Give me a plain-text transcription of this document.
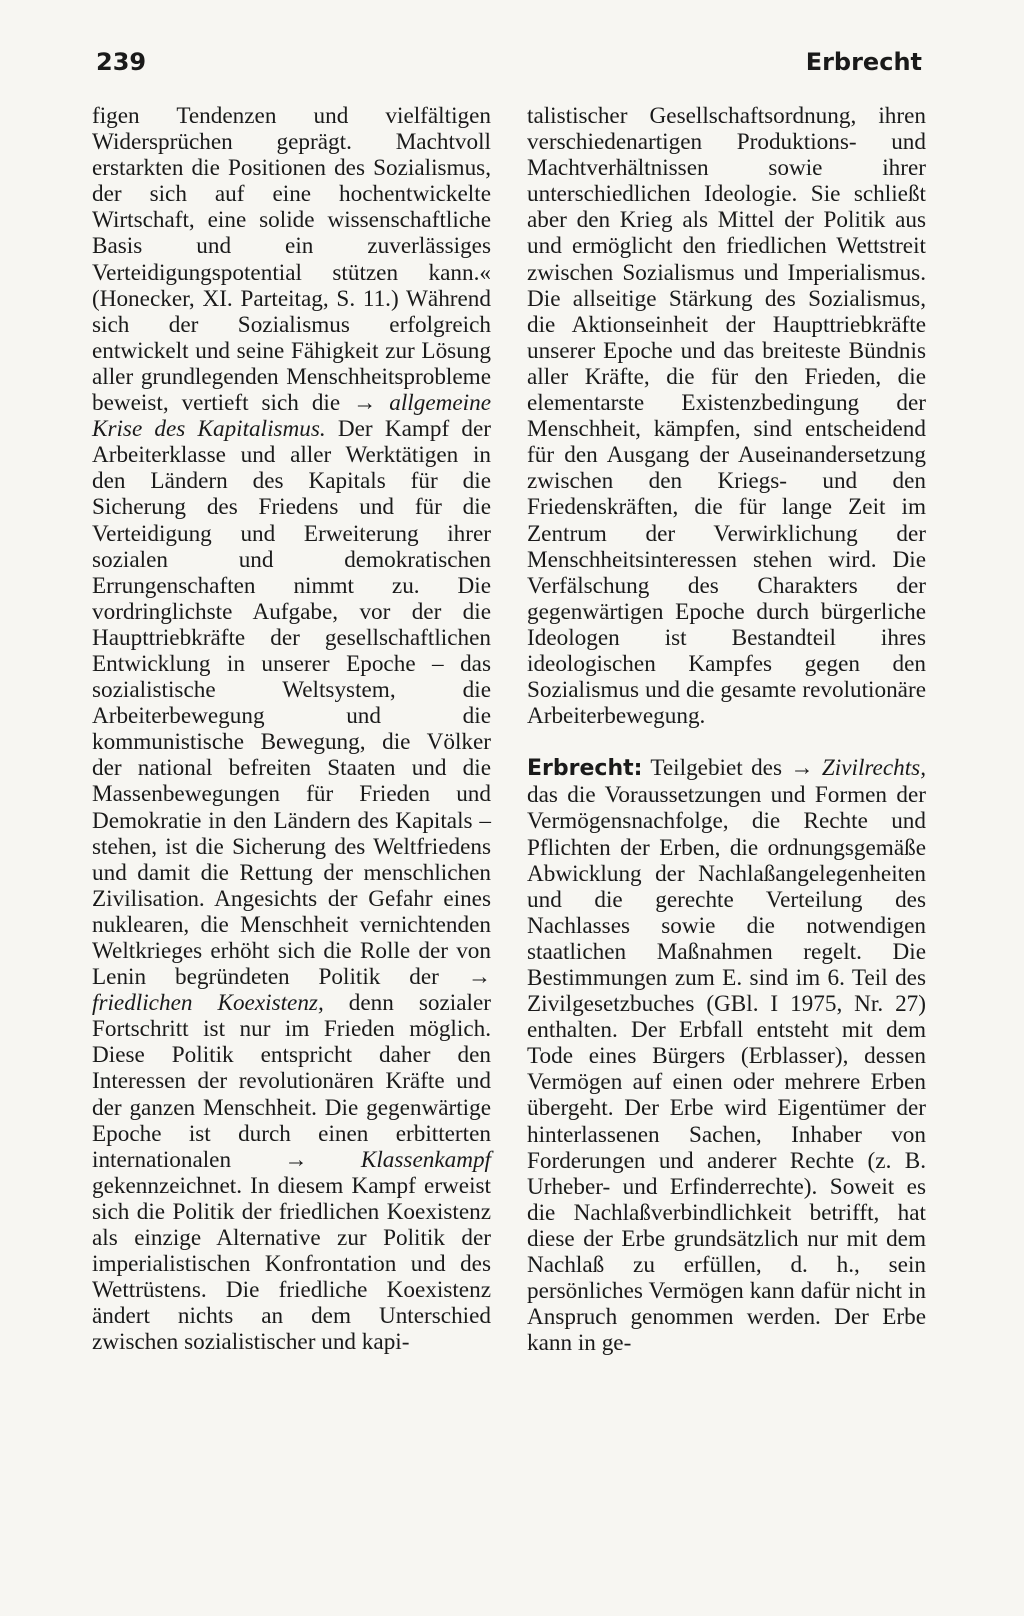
239	Erbrecht

figen Tendenzen und vielfältigen Widersprüchen geprägt. Machtvoll erstarkten die Positionen des Sozialismus, der sich auf eine hochentwickelte Wirtschaft, eine solide wissenschaftliche Basis und ein zuverlässiges Verteidigungspotential stützen kann.« (Honecker, XI. Parteitag, S. 11.) Während sich der Sozialismus erfolgreich entwickelt und seine Fähigkeit zur Lösung aller grundlegenden Menschheitsprobleme beweist, vertieft sich die → allgemeine Krise des Kapitalismus. Der Kampf der Arbeiterklasse und aller Werktätigen in den Ländern des Kapitals für die Sicherung des Friedens und für die Verteidigung und Erweiterung ihrer sozialen und demokratischen Errungenschaften nimmt zu. Die vordringlichste Aufgabe, vor der die Haupttriebkräfte der gesellschaftlichen Entwicklung in unserer Epoche – das sozialistische Weltsystem, die Arbeiterbewegung und die kommunistische Bewegung, die Völker der national befreiten Staaten und die Massenbewegungen für Frieden und Demokratie in den Ländern des Kapitals – stehen, ist die Sicherung des Weltfriedens und damit die Rettung der menschlichen Zivilisation. Angesichts der Gefahr eines nuklearen, die Menschheit vernichtenden Weltkrieges erhöht sich die Rolle der von Lenin begründeten Politik der → friedlichen Koexistenz, denn sozialer Fortschritt ist nur im Frieden möglich. Diese Politik entspricht daher den Interessen der revolutionären Kräfte und der ganzen Menschheit. Die gegenwärtige Epoche ist durch einen erbitterten internationalen → Klassenkampf gekennzeichnet. In diesem Kampf erweist sich die Politik der friedlichen Koexistenz als einzige Alternative zur Politik der imperialistischen Konfrontation und des Wettrüstens. Die friedliche Koexistenz ändert nichts an dem Unterschied zwischen sozialistischer und kapi-

talistischer Gesellschaftsordnung, ihren verschiedenartigen Produktions- und Machtverhältnissen sowie ihrer unterschiedlichen Ideologie. Sie schließt aber den Krieg als Mittel der Politik aus und ermöglicht den friedlichen Wettstreit zwischen Sozialismus und Imperialismus. Die allseitige Stärkung des Sozialismus, die Aktionseinheit der Haupttriebkräfte unserer Epoche und das breiteste Bündnis aller Kräfte, die für den Frieden, die elementarste Existenzbedingung der Menschheit, kämpfen, sind entscheidend für den Ausgang der Auseinandersetzung zwischen den Kriegs- und den Friedenskräften, die für lange Zeit im Zentrum der Verwirklichung der Menschheitsinteressen stehen wird. Die Verfälschung des Charakters der gegenwärtigen Epoche durch bürgerliche Ideologen ist Bestandteil ihres ideologischen Kampfes gegen den Sozialismus und die gesamte revolutionäre Arbeiterbewegung.

Erbrecht: Teilgebiet des → Zivilrechts, das die Voraussetzungen und Formen der Vermögensnachfolge, die Rechte und Pflichten der Erben, die ordnungsgemäße Abwicklung der Nachlaßangelegenheiten und die gerechte Verteilung des Nachlasses sowie die notwendigen staatlichen Maßnahmen regelt. Die Bestimmungen zum E. sind im 6. Teil des Zivilgesetzbuches (GBl. I 1975, Nr. 27) enthalten. Der Erbfall entsteht mit dem Tode eines Bürgers (Erblasser), dessen Vermögen auf einen oder mehrere Erben übergeht. Der Erbe wird Eigentümer der hinterlassenen Sachen, Inhaber von Forderungen und anderer Rechte (z. B. Urheber- und Erfinderrechte). Soweit es die Nachlaßverbindlichkeit betrifft, hat diese der Erbe grundsätzlich nur mit dem Nachlaß zu erfüllen, d. h., sein persönliches Vermögen kann dafür nicht in Anspruch genommen werden. Der Erbe kann in ge-
